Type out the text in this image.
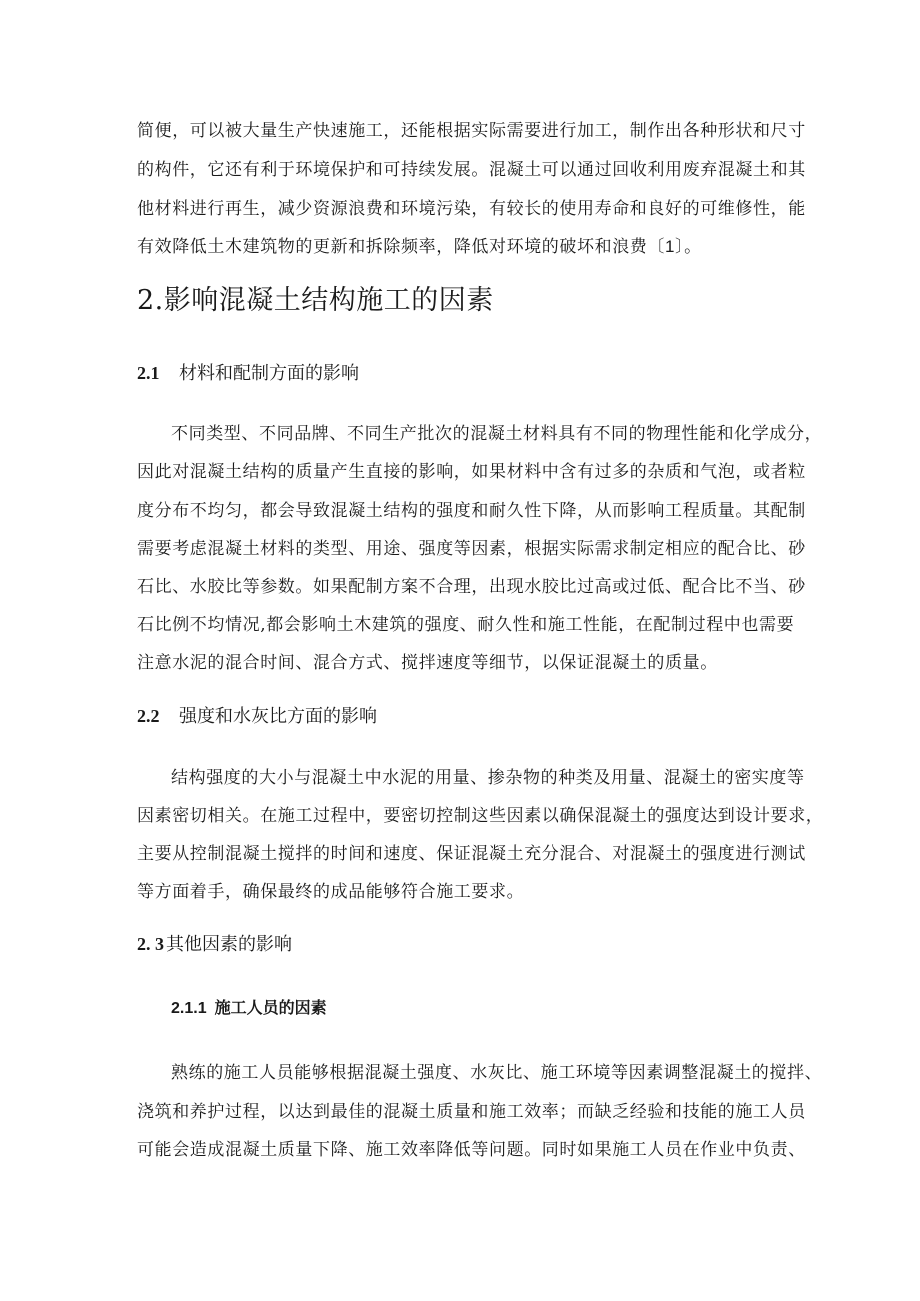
简便，可以被大量生产快速施工，还能根据实际需要进行加工，制作出各种形状和尺寸

的构件，它还有利于环境保护和可持续发展。混凝土可以通过回收利用废弃混凝土和其

他材料进行再生，减少资源浪费和环境污染，有较长的使用寿命和良好的可维修性，能

有效降低土木建筑物的更新和拆除频率，降低对环境的破坏和浪费〔1〕。

2.影响混凝土结构施工的因素
2.1 材料和配制方面的影响

不同类型、不同品牌、不同生产批次的混凝土材料具有不同的物理性能和化学成分，

因此对混凝土结构的质量产生直接的影响，如果材料中含有过多的杂质和气泡，或者粒

度分布不均匀，都会导致混凝土结构的强度和耐久性下降，从而影响工程质量。其配制

需要考虑混凝土材料的类型、用途、强度等因素，根据实际需求制定相应的配合比、砂

石比、水胶比等参数。如果配制方案不合理，出现水胶比过高或过低、配合比不当、砂

石比例不均情况,都会影响土木建筑的强度、耐久性和施工性能，在配制过程中也需要

注意水泥的混合时间、混合方式、搅拌速度等细节，以保证混凝土的质量。

2.2 强度和水灰比方面的影响

结构强度的大小与混凝土中水泥的用量、掺杂物的种类及用量、混凝土的密实度等

因素密切相关。在施工过程中，要密切控制这些因素以确保混凝土的强度达到设计要求，

主要从控制混凝土搅拌的时间和速度、保证混凝土充分混合、对混凝土的强度进行测试

等方面着手，确保最终的成品能够符合施工要求。

2. 3 其他因素的影响
2.1.1 施工人员的因素

熟练的施工人员能够根据混凝土强度、水灰比、施工环境等因素调整混凝土的搅拌、

浇筑和养护过程，以达到最佳的混凝土质量和施工效率；而缺乏经验和技能的施工人员

可能会造成混凝土质量下降、施工效率降低等问题。同时如果施工人员在作业中负责、
